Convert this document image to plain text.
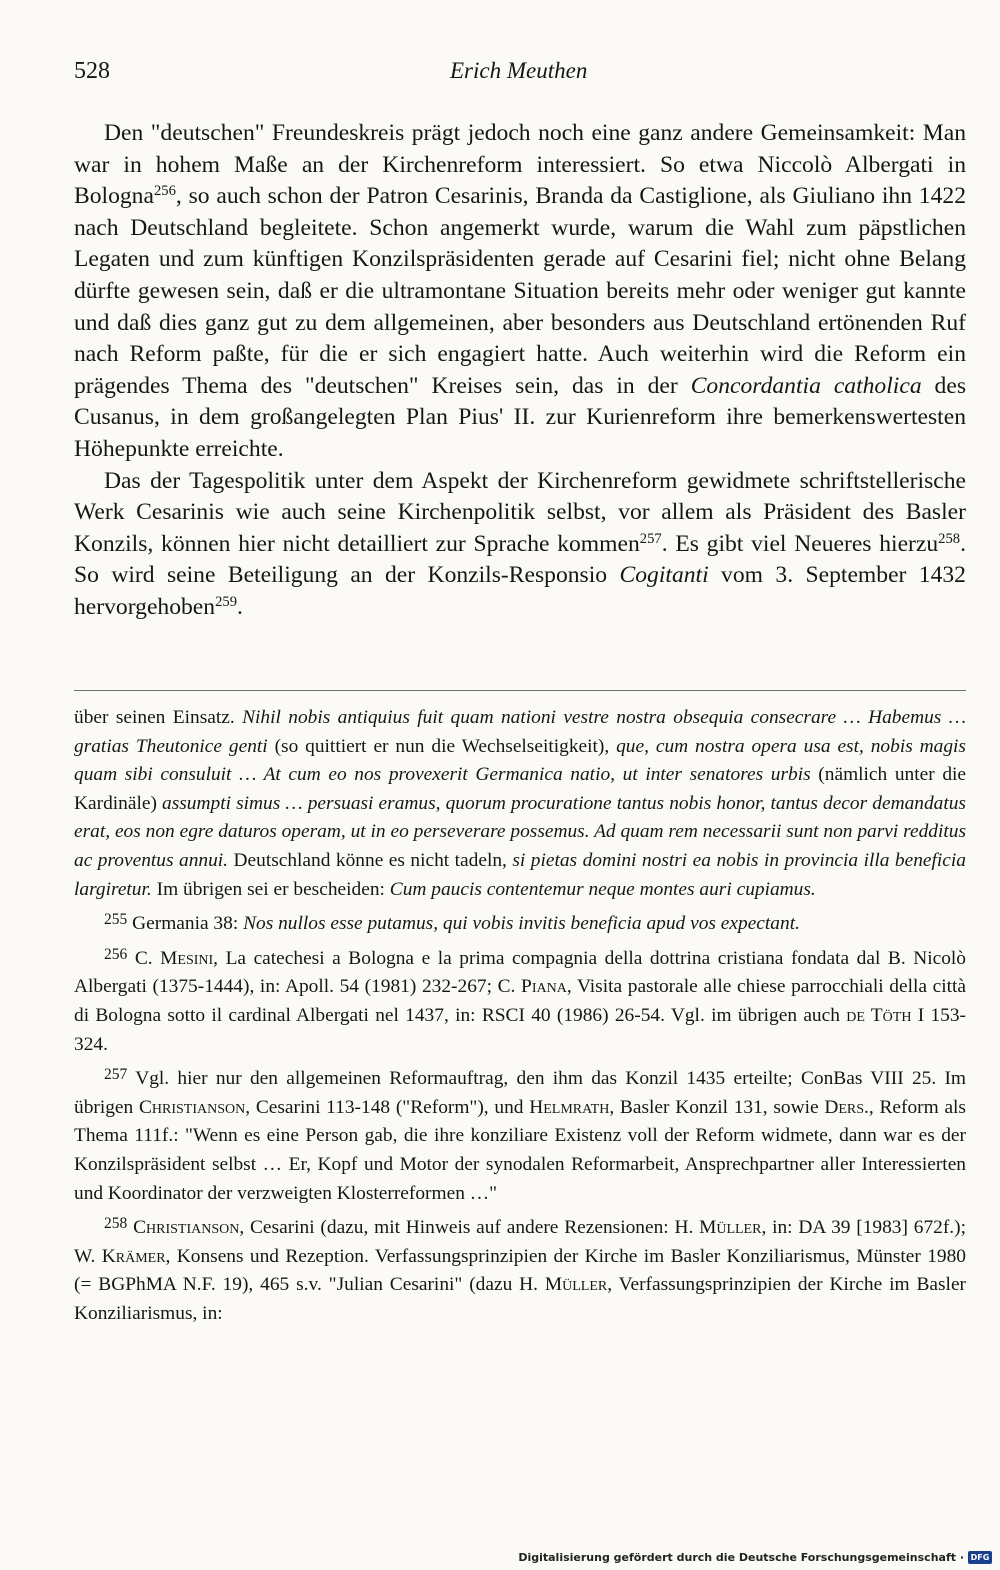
528	Erich Meuthen

Den "deutschen" Freundeskreis prägt jedoch noch eine ganz andere Gemeinsamkeit: Man war in hohem Maße an der Kirchenreform interessiert. So etwa Niccolò Albergati in Bologna$^{256}$, so auch schon der Patron Cesarinis, Branda da Castiglione, als Giuliano ihn 1422 nach Deutschland begleitete. Schon angemerkt wurde, warum die Wahl zum päpstlichen Legaten und zum künftigen Konzilspräsidenten gerade auf Cesarini fiel; nicht ohne Belang dürfte gewesen sein, daß er die ultramontane Situation bereits mehr oder weniger gut kannte und daß dies ganz gut zu dem allgemeinen, aber besonders aus Deutschland ertönenden Ruf nach Reform paßte, für die er sich engagiert hatte. Auch weiterhin wird die Reform ein prägendes Thema des "deutschen" Kreises sein, das in der Concordantia catholica des Cusanus, in dem großangelegten Plan Pius' II. zur Kurienreform ihre bemerkenswertesten Höhepunkte erreichte.

Das der Tagespolitik unter dem Aspekt der Kirchenreform gewidmete schriftstellerische Werk Cesarinis wie auch seine Kirchenpolitik selbst, vor allem als Präsident des Basler Konzils, können hier nicht detailliert zur Sprache kommen$^{257}$. Es gibt viel Neueres hierzu$^{258}$. So wird seine Beteiligung an der Konzils-Responsio Cogitanti vom 3. September 1432 hervorgehoben$^{259}$.

über seinen Einsatz. Nihil nobis antiquius fuit quam nationi vestre nostra obsequia consecrare … Habemus … gratias Theutonice genti (so quittiert er nun die Wechselseitigkeit), que, cum nostra opera usa est, nobis magis quam sibi consuluit … At cum eo nos provexerit Germanica natio, ut inter senatores urbis (nämlich unter die Kardinäle) assumpti simus … persuasi eramus, quorum procuratione tantus nobis honor, tantus decor demandatus erat, eos non egre daturos operam, ut in eo perseverare possemus. Ad quam rem necessarii sunt non parvi redditus ac proventus annui. Deutschland könne es nicht tadeln, si pietas domini nostri ea nobis in provincia illa beneficia largiretur. Im übrigen sei er bescheiden: Cum paucis contentemur neque montes auri cupiamus.

$^{255}$ Germania 38: Nos nullos esse putamus, qui vobis invitis beneficia apud vos expectant.

$^{256}$ C. Mesini, La catechesi a Bologna e la prima compagnia della dottrina cristiana fondata dal B. Nicolò Albergati (1375-1444), in: Apoll. 54 (1981) 232-267; C. Piana, Visita pastorale alle chiese parrocchiali della città di Bologna sotto il cardinal Albergati nel 1437, in: RSCI 40 (1986) 26-54. Vgl. im übrigen auch de Töth I 153-324.

$^{257}$ Vgl. hier nur den allgemeinen Reformauftrag, den ihm das Konzil 1435 erteilte; ConBas VIII 25. Im übrigen Christianson, Cesarini 113-148 ("Reform"), und Helmrath, Basler Konzil 131, sowie Ders., Reform als Thema 111f.: "Wenn es eine Person gab, die ihre konziliare Existenz voll der Reform widmete, dann war es der Konzilspräsident selbst … Er, Kopf und Motor der synodalen Reformarbeit, Ansprechpartner aller Interessierten und Koordinator der verzweigten Klosterreformen …"

$^{258}$ Christianson, Cesarini (dazu, mit Hinweis auf andere Rezensionen: H. Müller, in: DA 39 [1983] 672f.); W. Krämer, Konsens und Rezeption. Verfassungsprinzipien der Kirche im Basler Konziliarismus, Münster 1980 (= BGPhMA N.F. 19), 465 s.v. "Julian Cesarini" (dazu H. Müller, Verfassungsprinzipien der Kirche im Basler Konziliarismus, in:

Digitalisierung gefördert durch die Deutsche Forschungsgemeinschaft · DFG
